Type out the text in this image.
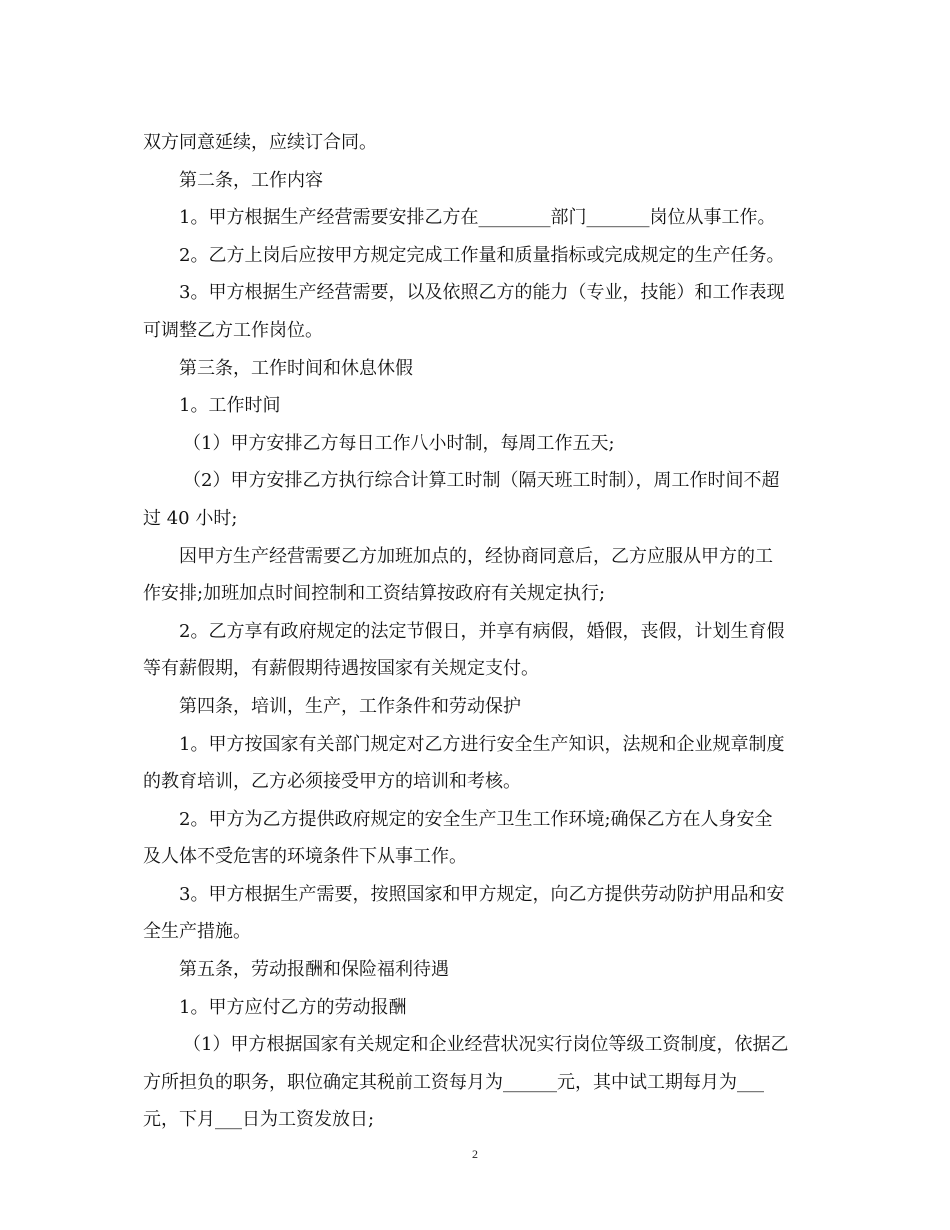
双方同意延续，应续订合同。
第二条，工作内容
1。甲方根据生产经营需要安排乙方在________部门_______岗位从事工作。
2。乙方上岗后应按甲方规定完成工作量和质量指标或完成规定的生产任务。
3。甲方根据生产经营需要，以及依照乙方的能力（专业，技能）和工作表现
可调整乙方工作岗位。
第三条，工作时间和休息休假
1。工作时间
（1）甲方安排乙方每日工作八小时制，每周工作五天;
（2）甲方安排乙方执行综合计算工时制（隔天班工时制），周工作时间不超
过 40 小时;
因甲方生产经营需要乙方加班加点的，经协商同意后，乙方应服从甲方的工
作安排;加班加点时间控制和工资结算按政府有关规定执行;
2。乙方享有政府规定的法定节假日，并享有病假，婚假，丧假，计划生育假
等有薪假期，有薪假期待遇按国家有关规定支付。
第四条，培训，生产，工作条件和劳动保护
1。甲方按国家有关部门规定对乙方进行安全生产知识，法规和企业规章制度
的教育培训，乙方必须接受甲方的培训和考核。
2。甲方为乙方提供政府规定的安全生产卫生工作环境;确保乙方在人身安全
及人体不受危害的环境条件下从事工作。
3。甲方根据生产需要，按照国家和甲方规定，向乙方提供劳动防护用品和安
全生产措施。
第五条，劳动报酬和保险福利待遇
1。甲方应付乙方的劳动报酬
（1）甲方根据国家有关规定和企业经营状况实行岗位等级工资制度，依据乙
方所担负的职务，职位确定其税前工资每月为______元，其中试工期每月为___
元，下月___日为工资发放日;
2
